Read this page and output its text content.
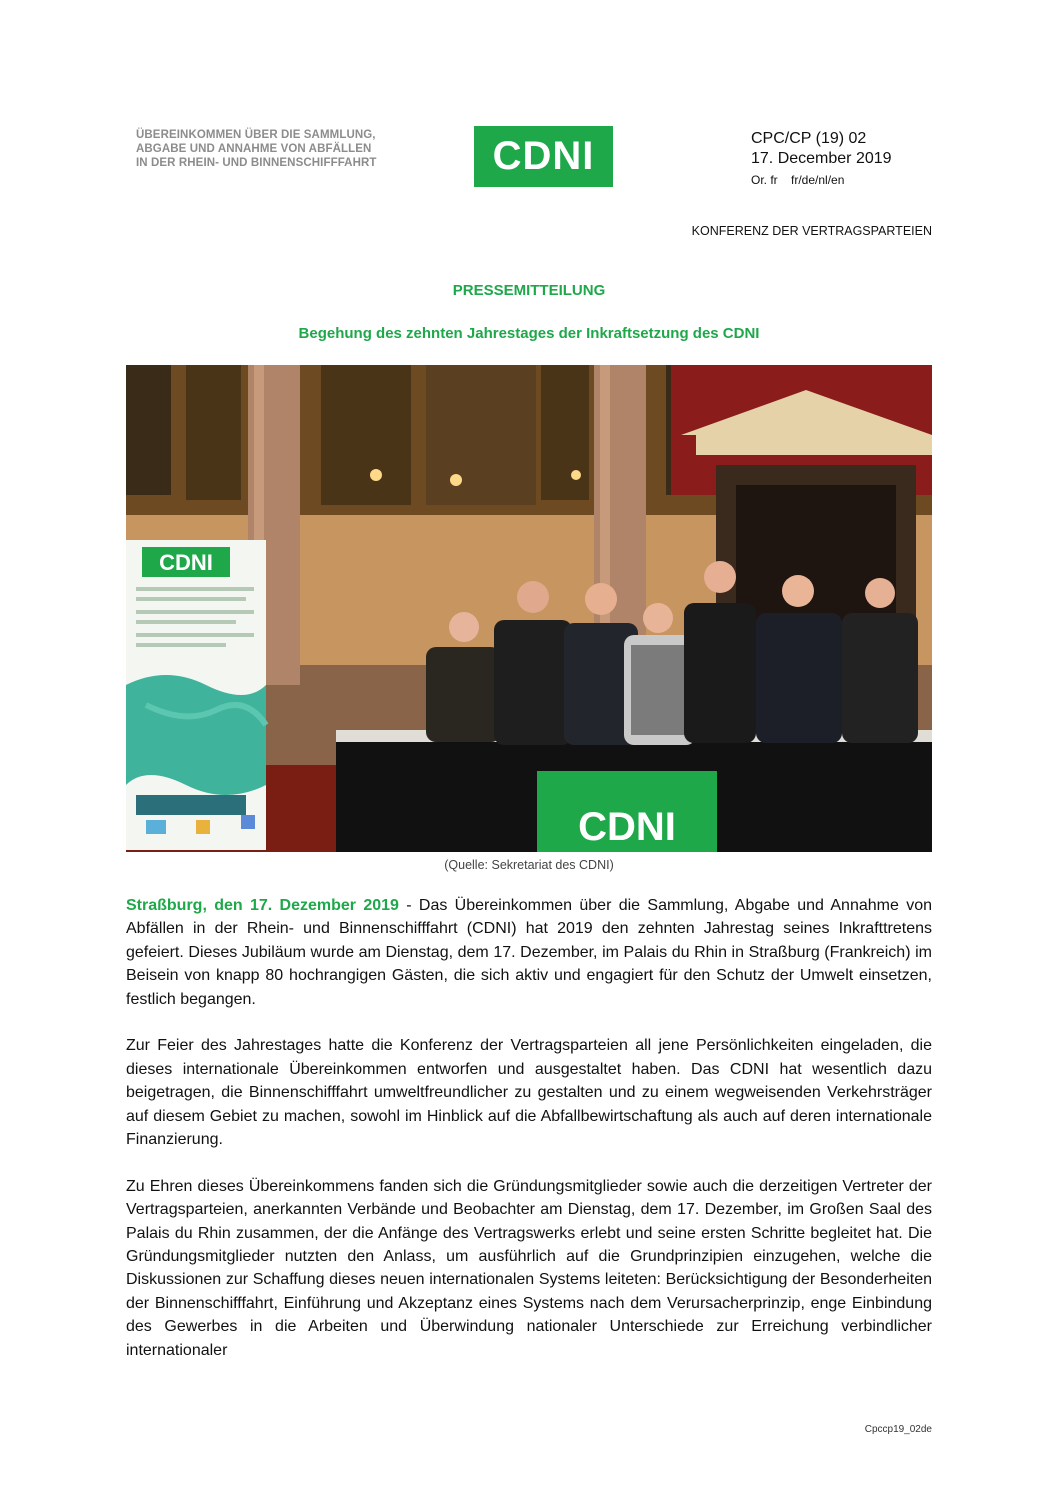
ÜBEREINKOMMEN ÜBER DIE SAMMLUNG,
ABGABE UND ANNAHME VON ABFÄLLEN
IN DER RHEIN- UND BINNENSCHIFFFAHRT	CDNI	CPC/CP (19) 02
17. December 2019
Or. fr    fr/de/nl/en
KONFERENZ DER VERTRAGSPARTEIEN
PRESSEMITTEILUNG
Begehung des zehnten Jahrestages der Inkraftsetzung des CDNI
CDNI
CDNI
(Quelle: Sekretariat des CDNI)

Straßburg, den 17. Dezember 2019 - Das Übereinkommen über die Sammlung, Abgabe und Annahme von Abfällen in der Rhein- und Binnenschifffahrt (CDNI) hat 2019 den zehnten Jahrestag seines Inkrafttretens gefeiert. Dieses Jubiläum wurde am Dienstag, dem 17. Dezember, im Palais du Rhin in Straßburg (Frankreich) im Beisein von knapp 80 hochrangigen Gästen, die sich aktiv und engagiert für den Schutz der Umwelt einsetzen, festlich begangen.

Zur Feier des Jahrestages hatte die Konferenz der Vertragsparteien all jene Persönlichkeiten eingeladen, die dieses internationale Übereinkommen entworfen und ausgestaltet haben. Das CDNI hat wesentlich dazu beigetragen, die Binnenschifffahrt umweltfreundlicher zu gestalten und zu einem wegweisenden Verkehrsträger auf diesem Gebiet zu machen, sowohl im Hinblick auf die Abfallbewirtschaftung als auch auf deren internationale Finanzierung.

Zu Ehren dieses Übereinkommens fanden sich die Gründungsmitglieder sowie auch die derzeitigen Vertreter der Vertragsparteien, anerkannten Verbände und Beobachter am Dienstag, dem 17. Dezember, im Großen Saal des Palais du Rhin zusammen, der die Anfänge des Vertragswerks erlebt und seine ersten Schritte begleitet hat. Die Gründungsmitglieder nutzten den Anlass, um ausführlich auf die Grundprinzipien einzugehen, welche die Diskussionen zur Schaffung dieses neuen internationalen Systems leiteten: Berücksichtigung der Besonderheiten der Binnenschifffahrt, Einführung und Akzeptanz eines Systems nach dem Verursacherprinzip, enge Einbindung des Gewerbes in die Arbeiten und Überwindung nationaler Unterschiede zur Erreichung verbindlicher internationaler

Cpccp19_02de
